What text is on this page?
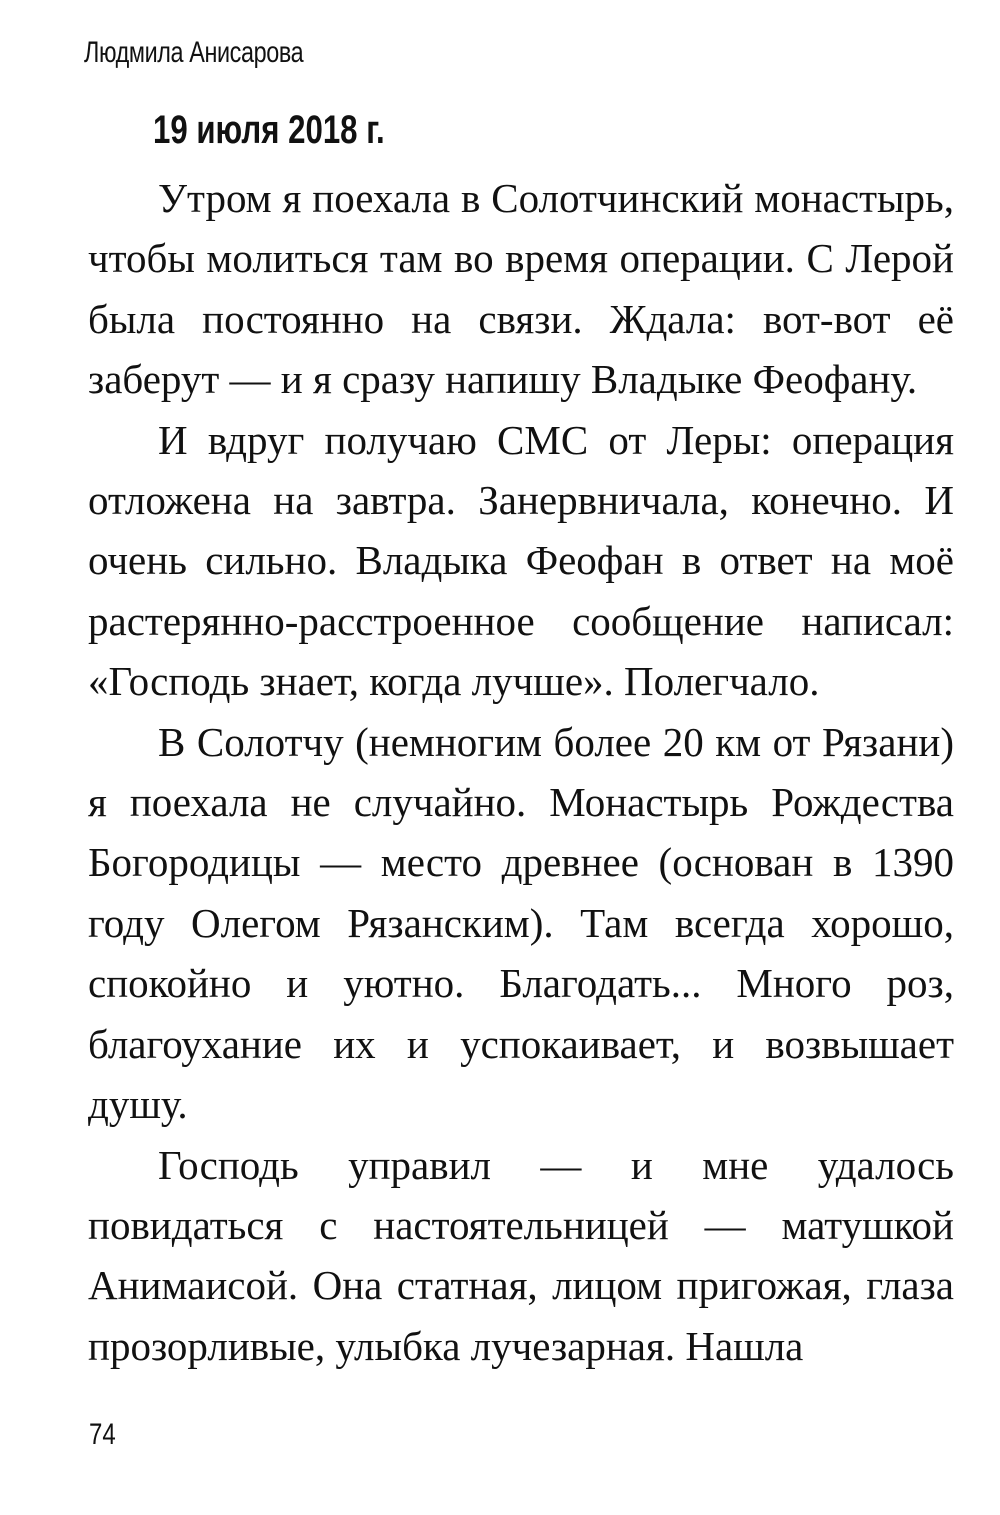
Людмила Анисарова
19 июля 2018 г.

Утром я поехала в Солотчинский монастырь, чтобы молиться там во время операции. С Лерой была постоянно на связи. Ждала: вот-вот её заберут — и я сразу напишу Владыке Феофану.

И вдруг получаю СМС от Леры: операция отложена на завтра. Занервничала, конечно. И очень сильно. Владыка Феофан в ответ на моё растерянно-расстроенное сообщение написал: «Господь знает, когда лучше». Полегчало.

В Солотчу (немногим более 20 км от Рязани) я поехала не случайно. Монастырь Рождества Богородицы — место древнее (основан в 1390 году Олегом Рязанским). Там всегда хорошо, спокойно и уютно. Благодать... Много роз, благоухание их и успокаивает, и возвышает душу.

Господь управил — и мне удалось повидаться с настоятельницей — матушкой Анимаисой. Она статная, лицом пригожая, глаза прозорливые, улыбка лучезарная. Нашла

74
